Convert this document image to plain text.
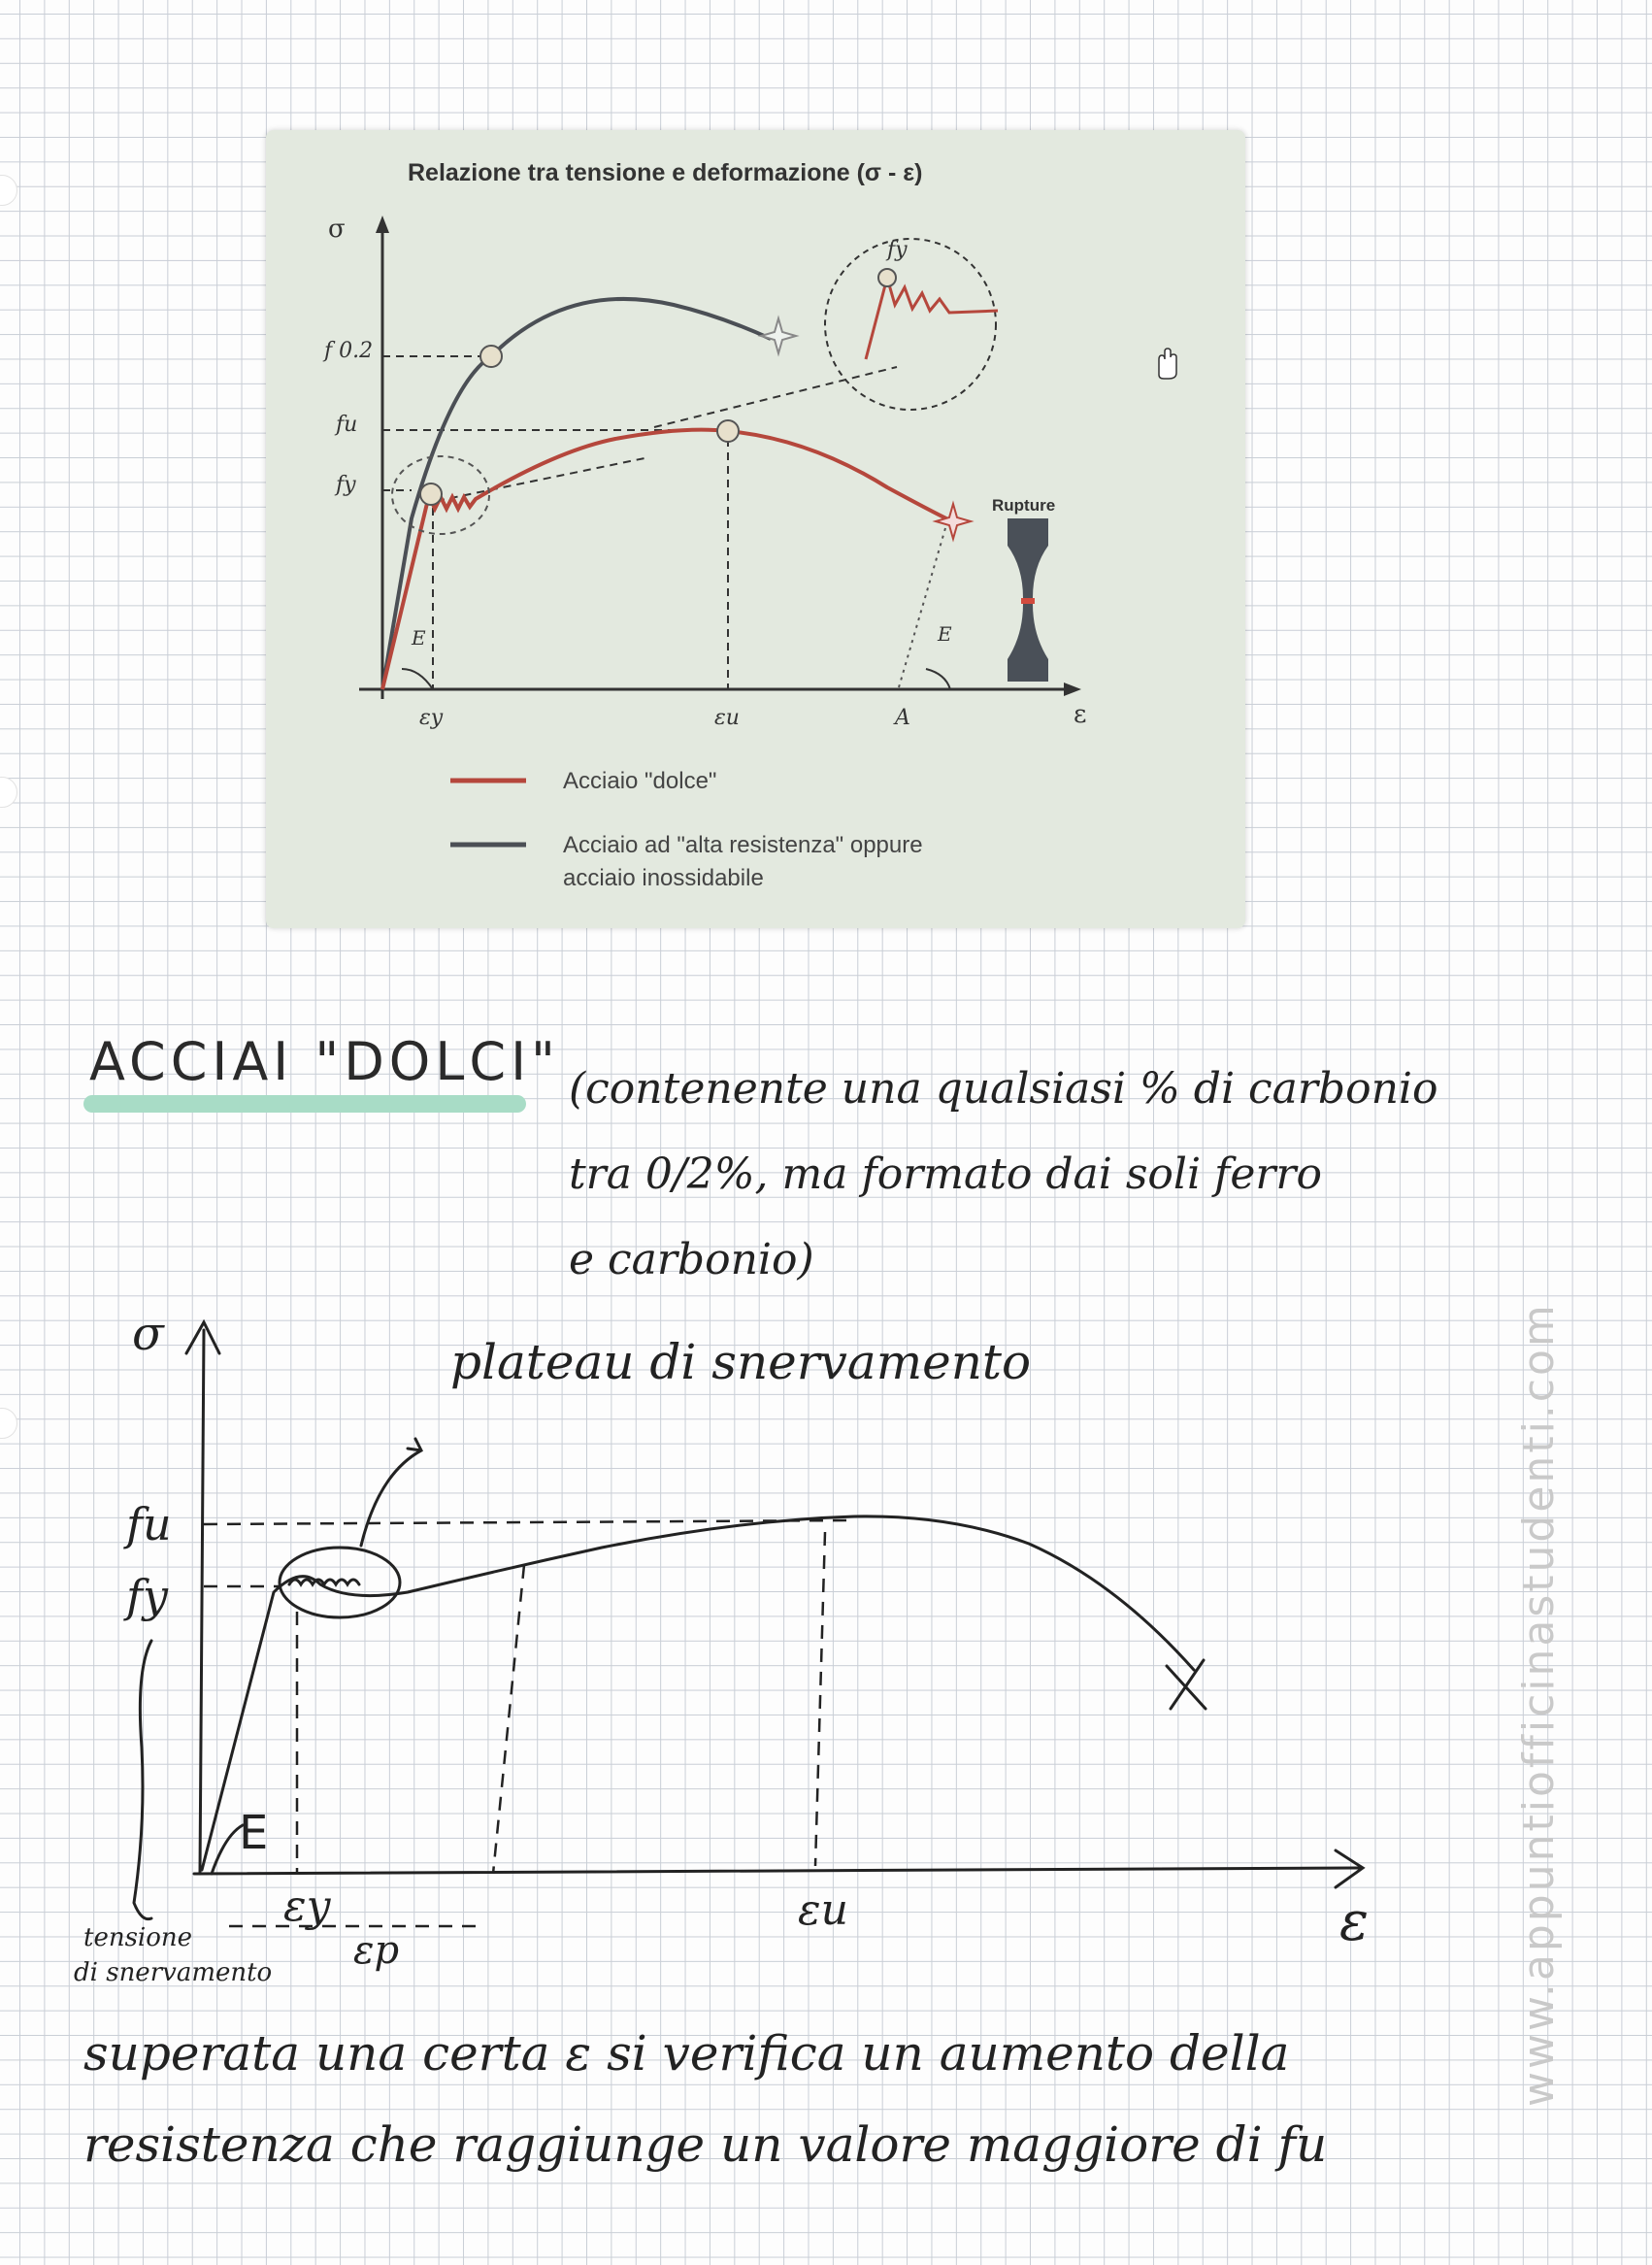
Relazione tra tensione e deformazione (σ - ε)
σ
ε
f 0.2
fu
fy
E	E
εy	εu	A
fy
Rupture
Acciaio "dolce"
Acciaio ad "alta resistenza" oppure
acciaio inossidabile
ACCIAI "DOLCI" (contenente una qualsiasi % di carbonio
tra 0/2%, ma formato dai soli ferro
e carbonio)
σ
ε
fu
fy
εy
εp
εu
E
plateau di snervamento
tensione
di snervamento
superata una certa ε si verifica un aumento della
resistenza che raggiunge un valore maggiore di fu
www.appuntiofficinastudenti.com
